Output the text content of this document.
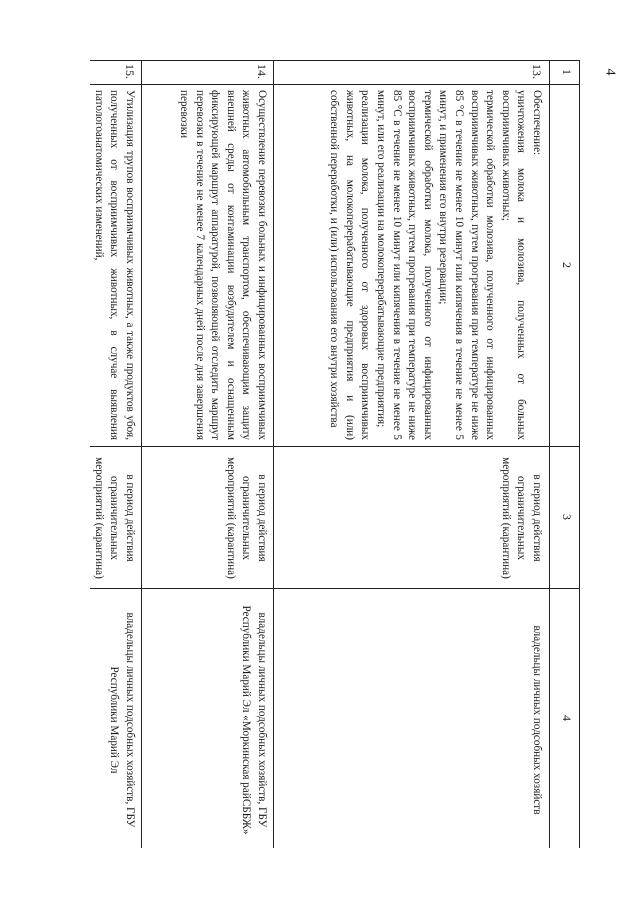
4
1
2
3
4
13.
Обеспечение:
уничтожения молока и молозива, полученных от больных восприимчивых животных;
термической обработки молозива, полученного от инфицированных восприимчивых животных, путем прогревания при температуре не ниже 85 °С в течение не менее 10 минут или кипячения в течение не менее 5 минут, и применения его внутри резервации;
термической обработки молока, полученного от инфицированных восприимчивых животных, путем прогревания при температуре не ниже 85 °С в течение не менее 10 минут или кипячения в течение не менее 5 минут, или его реализации на молокоперерабатывающие предприятия;
реализации молока, полученного от здоровых восприимчивых животных, на молокоперерабатывающие предприятия и (или) собственной переработки, и (или) использования его внутри хозяйства
в период действия ограничительных мероприятий (карантина)
владельцы личных подсобных хозяйств
14.
Осуществление перевозки больных и инфицированных восприимчивых животных автомобильным транспортом, обеспечивающим защиту внешней среды от контаминации возбудителем и оснащенным фиксирующей маршрут аппаратурой, позволяющей отследить маршрут перевозки в течение не менее 7 календарных дней после дня завершения перевозки
в период действия ограничительных мероприятий (карантина)
владельцы личных подсобных хозяйств, ГБУ Республики Марий Эл «Моркинская райСББЖ»
15.
Утилизация трупов восприимчивых животных, а также продуктов убоя, полученных от восприимчивых животных, в случае выявления патологоанатомических изменений,
в период действия ограничительных мероприятий (карантина)
владельцы личных подсобных хозяйств, ГБУ Республики Марий Эл
